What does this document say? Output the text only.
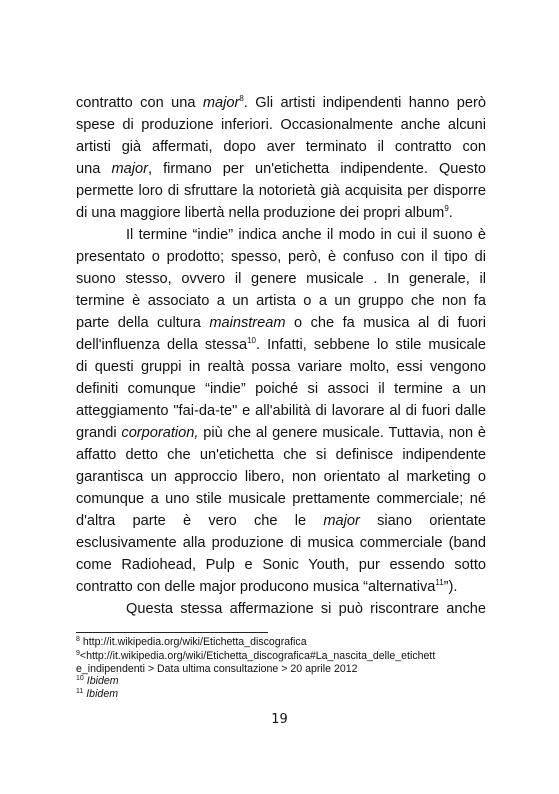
contratto con una major$^8$. Gli artisti indipendenti hanno però
spese di produzione inferiori. Occasionalmente anche alcuni
artisti già affermati, dopo aver terminato il contratto con
una major, firmano per un'etichetta indipendente. Questo
permette loro di sfruttare la notorietà già acquisita per disporre
di una maggiore libertà nella produzione dei propri album$^9$.
Il termine “indie” indica anche il modo in cui il suono è
presentato o prodotto; spesso, però, è confuso con il tipo di
suono stesso, ovvero il genere musicale . In generale, il
termine è associato a un artista o a un gruppo che non fa
parte della cultura mainstream o che fa musica al di fuori
dell'influenza della stessa$^{10}$. Infatti, sebbene lo stile musicale
di questi gruppi in realtà possa variare molto, essi vengono
definiti comunque “indie” poiché si associ il termine a un
atteggiamento "fai-da-te" e all'abilità di lavorare al di fuori dalle
grandi corporation, più che al genere musicale. Tuttavia, non è
affatto detto che un'etichetta che si definisce indipendente
garantisca un approccio libero, non orientato al marketing o
comunque a uno stile musicale prettamente commerciale; né
d'altra parte è vero che le major siano orientate
esclusivamente alla produzione di musica commerciale (band
come Radiohead, Pulp e Sonic Youth, pur essendo sotto
contratto con delle major producono musica “alternativa$^{11}$”).
Questa stessa affermazione si può riscontrare anche
$^8$ http://it.wikipedia.org/wiki/Etichetta_discografica
$^9$<http://it.wikipedia.org/wiki/Etichetta_discografica#La_nascita_delle_etichett
e_indipendenti > Data ultima consultazione > 20 aprile 2012
$^{10}$ Ibidem
$^{11}$ Ibidem
19
